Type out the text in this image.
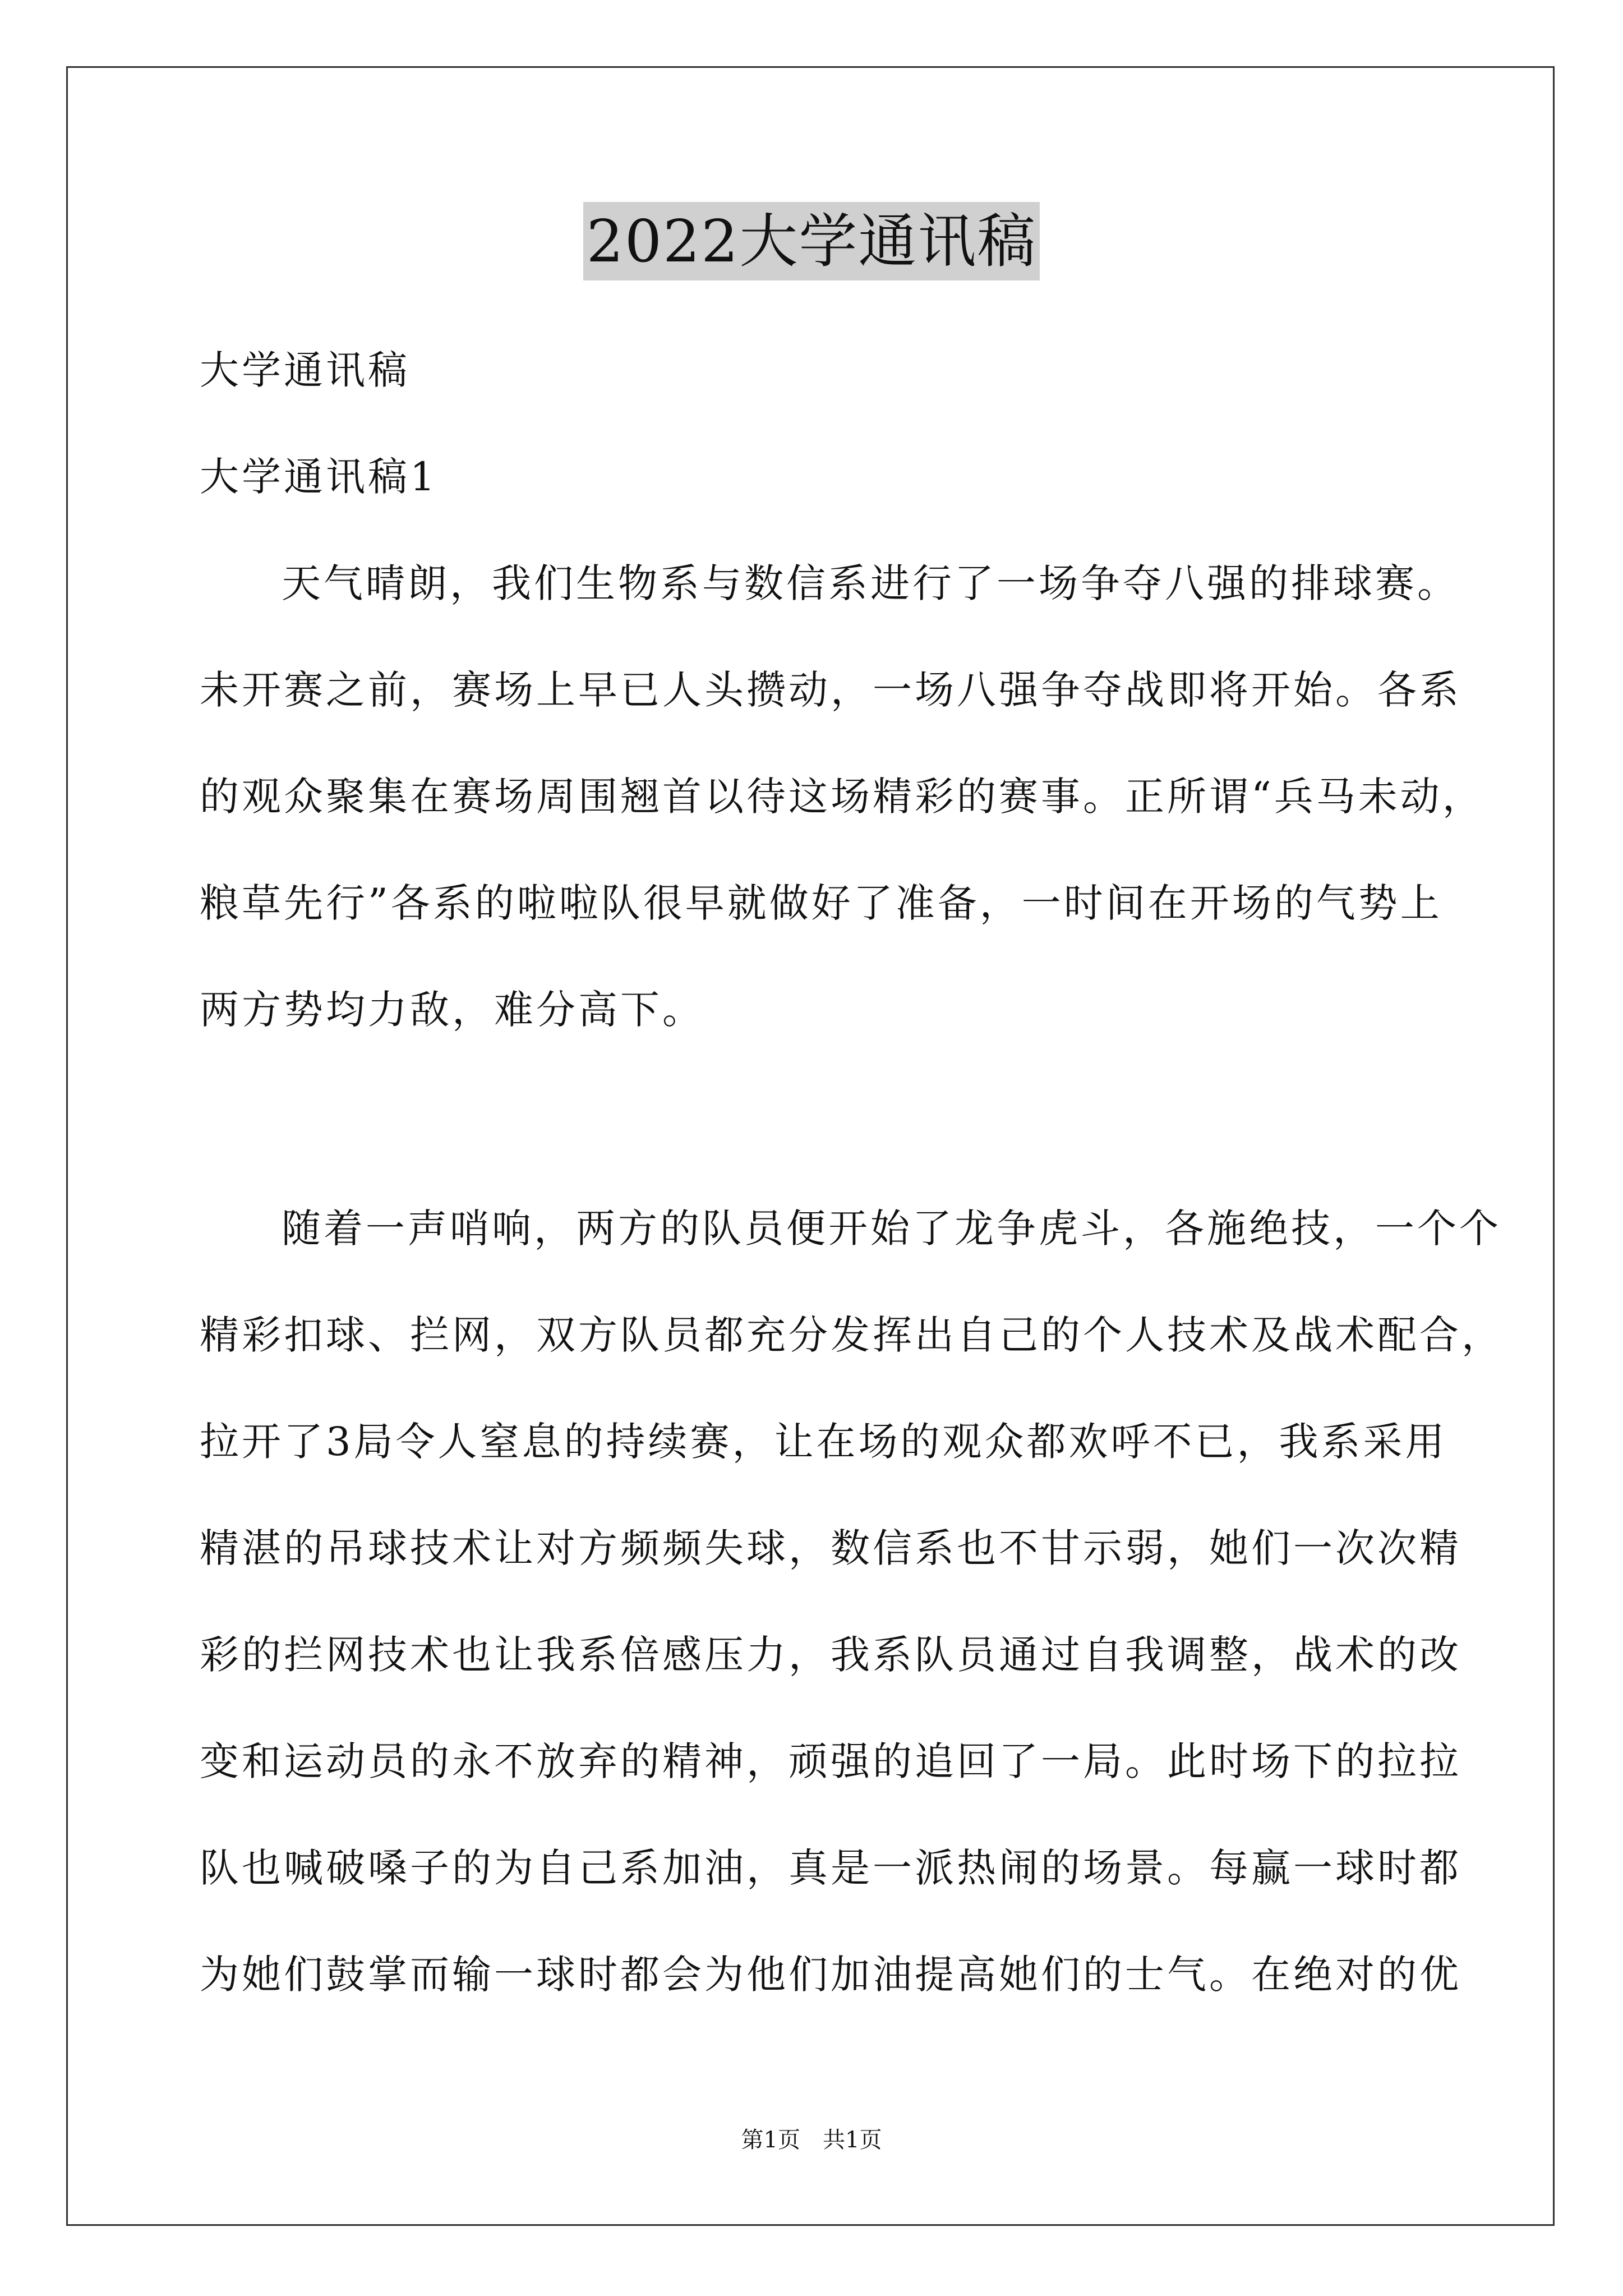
2022大学通讯稿
大学通讯稿
大学通讯稿1
天气晴朗，我们生物系与数信系进行了一场争夺八强的排球赛。
未开赛之前，赛场上早已人头攒动，一场八强争夺战即将开始。各系
的观众聚集在赛场周围翘首以待这场精彩的赛事。正所谓“兵马未动，
粮草先行”各系的啦啦队很早就做好了准备，一时间在开场的气势上
两方势均力敌，难分高下。
随着一声哨响，两方的队员便开始了龙争虎斗，各施绝技，一个个
精彩扣球、拦网，双方队员都充分发挥出自己的个人技术及战术配合，
拉开了3局令人窒息的持续赛，让在场的观众都欢呼不已，我系采用
精湛的吊球技术让对方频频失球，数信系也不甘示弱，她们一次次精
彩的拦网技术也让我系倍感压力，我系队员通过自我调整，战术的改
变和运动员的永不放弃的精神，顽强的追回了一局。此时场下的拉拉
队也喊破嗓子的为自己系加油，真是一派热闹的场景。每赢一球时都
为她们鼓掌而输一球时都会为他们加油提高她们的士气。在绝对的优
第1页　共1页
